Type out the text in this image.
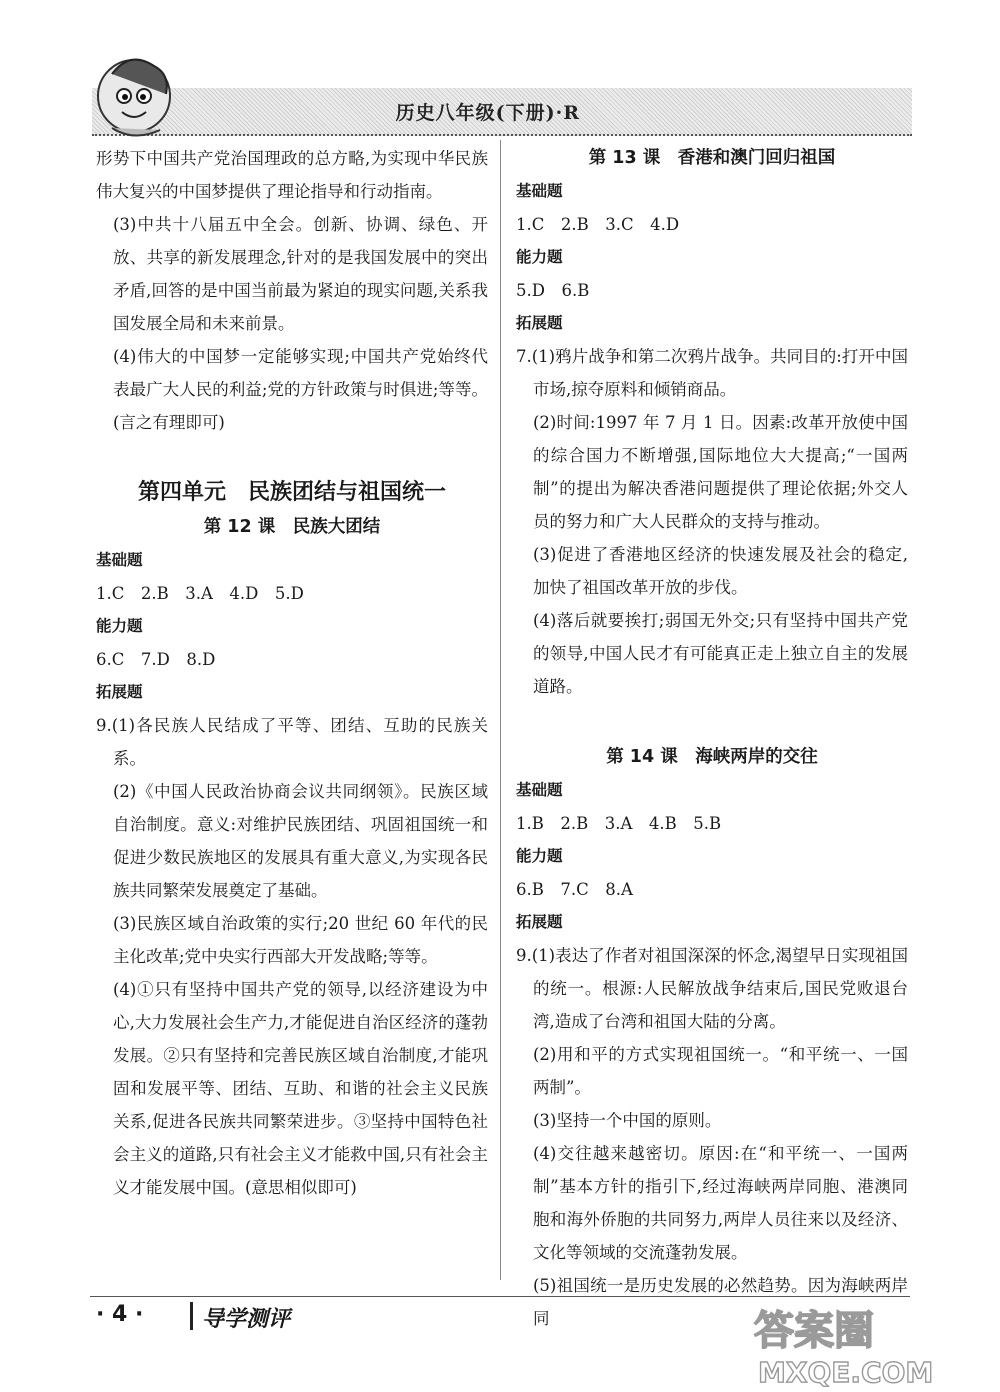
历史八年级(下册)·R

形势下中国共产党治国理政的总方略,为实现中华民族伟大复兴的中国梦提供了理论指导和行动指南。

(3)中共十八届五中全会。创新、协调、绿色、开放、共享的新发展理念,针对的是我国发展中的突出矛盾,回答的是中国当前最为紧迫的现实问题,关系我国发展全局和未来前景。

(4)伟大的中国梦一定能够实现;中国共产党始终代表最广大人民的利益;党的方针政策与时俱进;等等。(言之有理即可)

第四单元　民族团结与祖国统一
第 12 课　民族大团结
基础题
1.C　2.B　3.A　4.D　5.D
能力题
6.C　7.D　8.D
拓展题

9.(1)各民族人民结成了平等、团结、互助的民族关系。

(2)《中国人民政治协商会议共同纲领》。民族区域自治制度。意义:对维护民族团结、巩固祖国统一和促进少数民族地区的发展具有重大意义,为实现各民族共同繁荣发展奠定了基础。

(3)民族区域自治政策的实行;20 世纪 60 年代的民主化改革;党中央实行西部大开发战略;等等。

(4)①只有坚持中国共产党的领导,以经济建设为中心,大力发展社会生产力,才能促进自治区经济的蓬勃发展。②只有坚持和完善民族区域自治制度,才能巩固和发展平等、团结、互助、和谐的社会主义民族关系,促进各民族共同繁荣进步。③坚持中国特色社会主义的道路,只有社会主义才能救中国,只有社会主义才能发展中国。(意思相似即可)

第 13 课　香港和澳门回归祖国
基础题
1.C　2.B　3.C　4.D
能力题
5.D　6.B
拓展题

7.(1)鸦片战争和第二次鸦片战争。共同目的:打开中国市场,掠夺原料和倾销商品。

(2)时间:1997 年 7 月 1 日。因素:改革开放使中国的综合国力不断增强,国际地位大大提高;“一国两制”的提出为解决香港问题提供了理论依据;外交人员的努力和广大人民群众的支持与推动。

(3)促进了香港地区经济的快速发展及社会的稳定,加快了祖国改革开放的步伐。

(4)落后就要挨打;弱国无外交;只有坚持中国共产党的领导,中国人民才有可能真正走上独立自主的发展道路。

第 14 课　海峡两岸的交往
基础题
1.B　2.B　3.A　4.B　5.B
能力题
6.B　7.C　8.A
拓展题

9.(1)表达了作者对祖国深深的怀念,渴望早日实现祖国的统一。根源:人民解放战争结束后,国民党败退台湾,造成了台湾和祖国大陆的分离。

(2)用和平的方式实现祖国统一。“和平统一、一国两制”。

(3)坚持一个中国的原则。

(4)交往越来越密切。原因:在“和平统一、一国两制”基本方针的指引下,经过海峡两岸同胞、港澳同胞和海外侨胞的共同努力,两岸人员往来以及经济、文化等领域的交流蓬勃发展。

(5)祖国统一是历史发展的必然趋势。因为海峡两岸同

· 4 ·	导学测评	答案圈
MXQE.COM
